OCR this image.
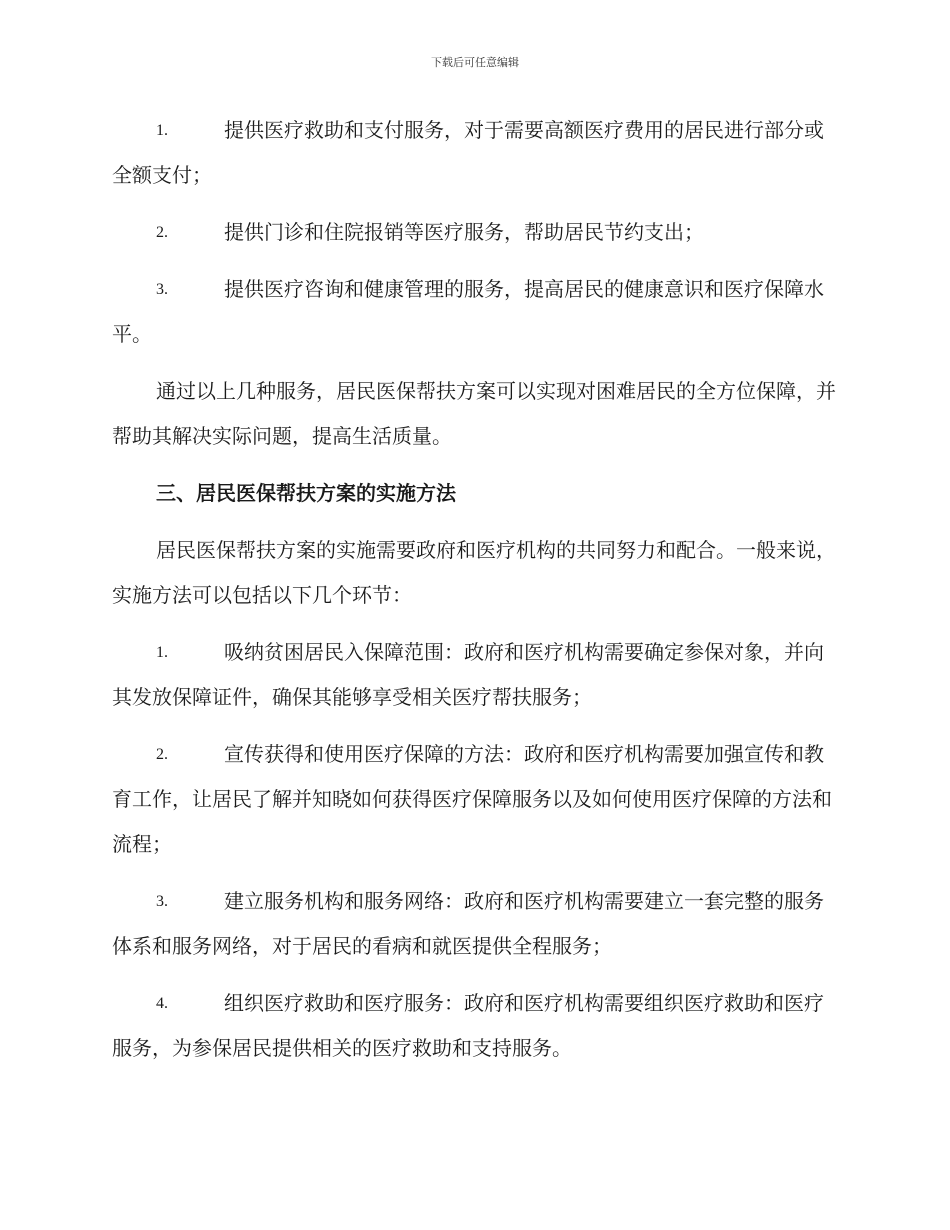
下载后可任意编辑
1.	提供医疗救助和支付服务，对于需要高额医疗费用的居民进行部分或全额支付；
2.	提供门诊和住院报销等医疗服务，帮助居民节约支出；
3.	提供医疗咨询和健康管理的服务，提高居民的健康意识和医疗保障水平。

通过以上几种服务，居民医保帮扶方案可以实现对困难居民的全方位保障，并帮助其解决实际问题，提高生活质量。

三、居民医保帮扶方案的实施方法

居民医保帮扶方案的实施需要政府和医疗机构的共同努力和配合。一般来说，实施方法可以包括以下几个环节：

1.	吸纳贫困居民入保障范围：政府和医疗机构需要确定参保对象，并向其发放保障证件，确保其能够享受相关医疗帮扶服务；
2.	宣传获得和使用医疗保障的方法：政府和医疗机构需要加强宣传和教育工作，让居民了解并知晓如何获得医疗保障服务以及如何使用医疗保障的方法和流程；
3.	建立服务机构和服务网络：政府和医疗机构需要建立一套完整的服务体系和服务网络，对于居民的看病和就医提供全程服务；
4.	组织医疗救助和医疗服务：政府和医疗机构需要组织医疗救助和医疗服务，为参保居民提供相关的医疗救助和支持服务。
